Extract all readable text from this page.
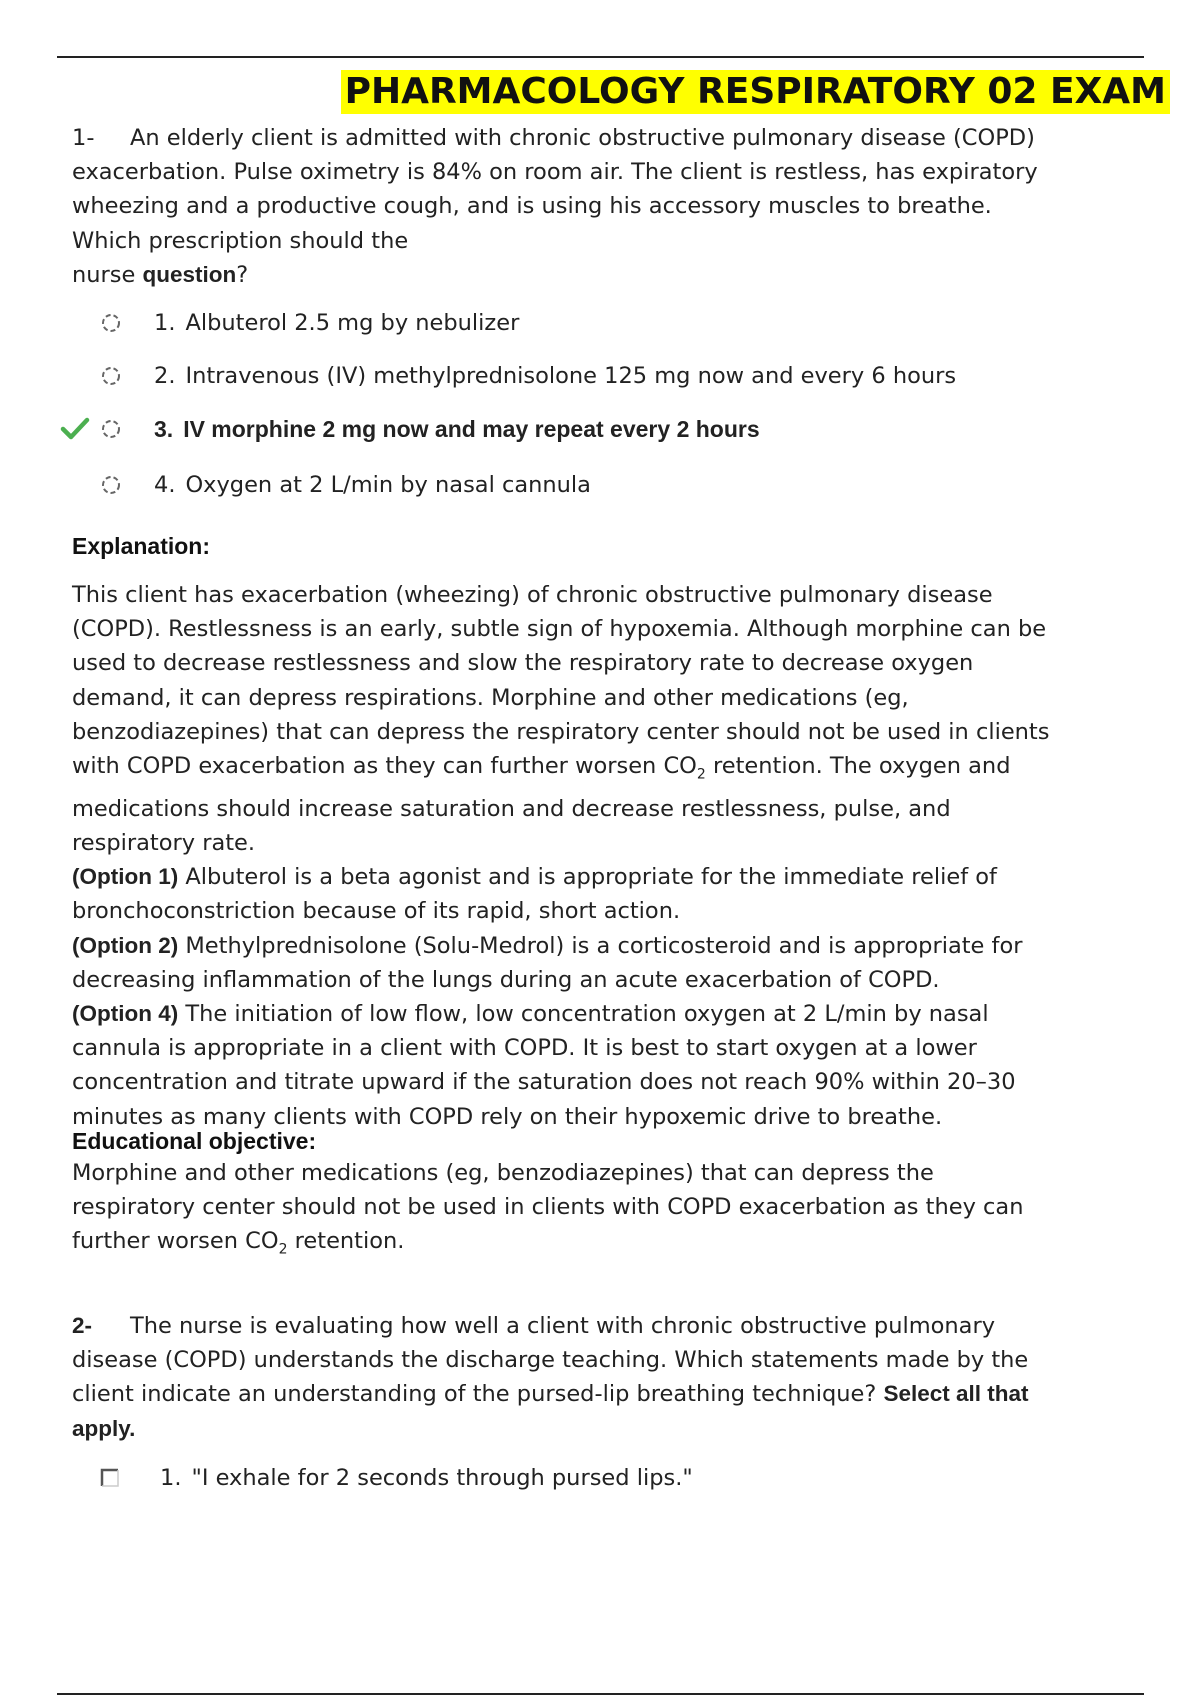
PHARMACOLOGY RESPIRATORY 02 EXAM
1- An elderly client is admitted with chronic obstructive pulmonary disease (COPD)
exacerbation. Pulse oximetry is 84% on room air. The client is restless, has expiratory
wheezing and a productive cough, and is using his accessory muscles to breathe.
Which prescription should the
nurse question?
1. Albuterol 2.5 mg by nebulizer
2. Intravenous (IV) methylprednisolone 125 mg now and every 6 hours
3. IV morphine 2 mg now and may repeat every 2 hours
4. Oxygen at 2 L/min by nasal cannula
Explanation:
This client has exacerbation (wheezing) of chronic obstructive pulmonary disease
(COPD). Restlessness is an early, subtle sign of hypoxemia. Although morphine can be
used to decrease restlessness and slow the respiratory rate to decrease oxygen
demand, it can depress respirations. Morphine and other medications (eg,
benzodiazepines) that can depress the respiratory center should not be used in clients
with COPD exacerbation as they can further worsen $CO_2$ retention. The oxygen and
medications should increase saturation and decrease restlessness, pulse, and
respiratory rate.
(Option 1) Albuterol is a beta agonist and is appropriate for the immediate relief of
bronchoconstriction because of its rapid, short action.
(Option 2) Methylprednisolone (Solu-Medrol) is a corticosteroid and is appropriate for
decreasing inflammation of the lungs during an acute exacerbation of COPD.
(Option 4) The initiation of low flow, low concentration oxygen at 2 L/min by nasal
cannula is appropriate in a client with COPD. It is best to start oxygen at a lower
concentration and titrate upward if the saturation does not reach 90% within 20–30
minutes as many clients with COPD rely on their hypoxemic drive to breathe.
Educational objective:
Morphine and other medications (eg, benzodiazepines) that can depress the
respiratory center should not be used in clients with COPD exacerbation as they can
further worsen $CO_2$ retention.
2- The nurse is evaluating how well a client with chronic obstructive pulmonary
disease (COPD) understands the discharge teaching. Which statements made by the
client indicate an understanding of the pursed-lip breathing technique? Select all that
apply.
1. "I exhale for 2 seconds through pursed lips."
